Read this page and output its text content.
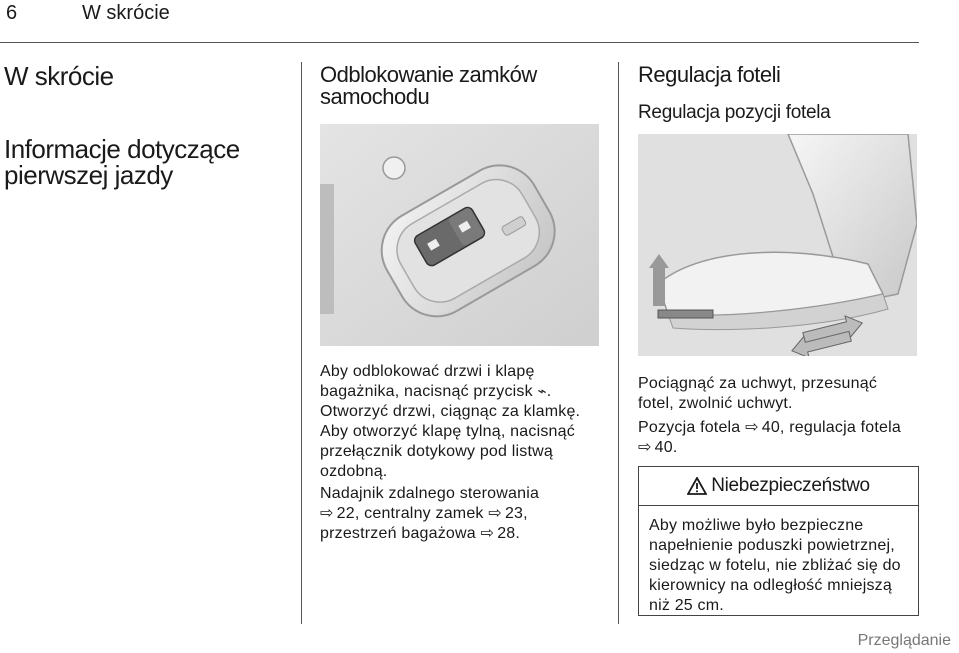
6	W skrócie
W skrócie
Informacje dotyczące
pierwszej jazdy
Odblokowanie zamków
samochodu
Aby odblokować drzwi i klapę
bagażnika, nacisnąć przycisk ⌁.
Otworzyć drzwi, ciągnąc za klamkę.
Aby otworzyć klapę tylną, nacisnąć
przełącznik dotykowy pod listwą
ozdobną.
Nadajnik zdalnego sterowania
⇨ 22, centralny zamek ⇨ 23,
przestrzeń bagażowa ⇨ 28.
Regulacja foteli
Regulacja pozycji fotela
Pociągnąć za uchwyt, przesunąć
fotel, zwolnić uchwyt.
Pozycja fotela ⇨ 40, regulacja fotela
⇨ 40.
Niebezpieczeństwo
Aby możliwe było bezpieczne
napełnienie poduszki powietrznej,
siedząc w fotelu, nie zbliżać się do
kierownicy na odległość mniejszą
niż 25 cm.
Przeglądanie
